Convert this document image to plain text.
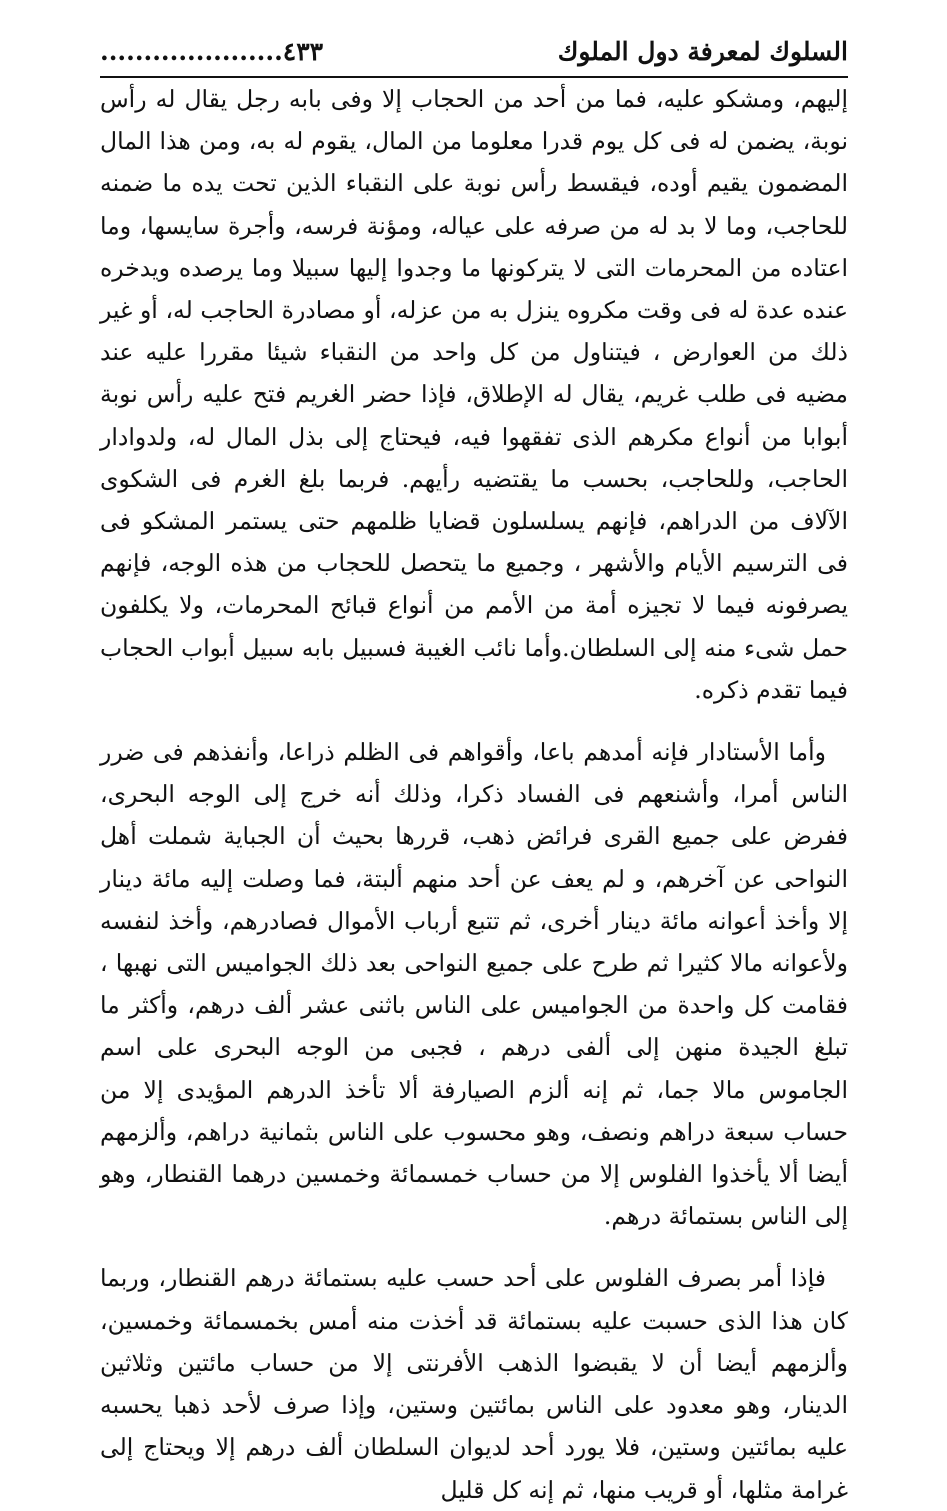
السلوك لمعرفة دول الملوك
٤٣٣.....................

إليهم، ومشكو عليه، فما من أحد من الحجاب إلا وفى بابه رجل يقال له رأس نوبة، يضمن له فى كل يوم قدرا معلوما من المال، يقوم له به، ومن هذا المال المضمون يقيم أوده، فيقسط رأس نوبة على النقباء الذين تحت يده ما ضمنه للحاجب، وما لا بد له من صرفه على عياله، ومؤنة فرسه، وأجرة سايسها، وما اعتاده من المحرمات التى لا يتركونها ما وجدوا إليها سبيلا وما يرصده ويدخره عنده عدة له فى وقت مكروه ينزل به من عزله، أو مصادرة الحاجب له، أو غير ذلك من العوارض ، فيتناول من كل واحد من النقباء شيئا مقررا عليه عند مضيه فى طلب غريم، يقال له الإطلاق، فإذا حضر الغريم فتح عليه رأس نوبة أبوابا من أنواع مكرهم الذى تفقهوا فيه، فيحتاج إلى بذل المال له، ولدوادار الحاجب، وللحاجب، بحسب ما يقتضيه رأيهم. فربما بلغ الغرم فى الشكوى الآلاف من الدراهم، فإنهم يسلسلون قضايا ظلمهم حتى يستمر المشكو فى فى الترسيم الأيام والأشهر ، وجميع ما يتحصل للحجاب من هذه الوجه، فإنهم يصرفونه فيما لا تجيزه أمة من الأمم من أنواع قبائح المحرمات، ولا يكلفون حمل شىء منه إلى السلطان.وأما نائب الغيبة فسبيل بابه سبيل أبواب الحجاب فيما تقدم ذكره.

وأما الأستادار فإنه أمدهم باعا، وأقواهم فى الظلم ذراعا، وأنفذهم فى ضرر الناس أمرا، وأشنعهم فى الفساد ذكرا، وذلك أنه خرج إلى الوجه البحرى، ففرض على جميع القرى فرائض ذهب، قررها بحيث أن الجباية شملت أهل النواحى عن آخرهم، و لم يعف عن أحد منهم ألبتة، فما وصلت إليه مائة دينار إلا وأخذ أعوانه مائة دينار أخرى، ثم تتبع أرباب الأموال فصادرهم، وأخذ لنفسه ولأعوانه مالا كثيرا ثم طرح على جميع النواحى بعد ذلك الجواميس التى نهبها ، فقامت كل واحدة من الجواميس على الناس باثنى عشر ألف درهم، وأكثر ما تبلغ الجيدة منهن إلى ألفى درهم ، فجبى من الوجه البحرى على اسم الجاموس مالا جما، ثم إنه ألزم الصيارفة ألا تأخذ الدرهم المؤيدى إلا من حساب سبعة دراهم ونصف، وهو محسوب على الناس بثمانية دراهم، وألزمهم أيضا ألا يأخذوا الفلوس إلا من حساب خمسمائة وخمسين درهما القنطار، وهو إلى الناس بستمائة درهم.

فإذا أمر بصرف الفلوس على أحد حسب عليه بستمائة درهم القنطار، وربما كان هذا الذى حسبت عليه بستمائة قد أخذت منه أمس بخمسمائة وخمسين، وألزمهم أيضا أن لا يقبضوا الذهب الأفرنتى إلا من حساب مائتين وثلاثين الدينار، وهو معدود على الناس بمائتين وستين، وإذا صرف لأحد ذهبا يحسبه عليه بمائتين وستين، فلا يورد أحد لديوان السلطان ألف درهم إلا ويحتاج إلى غرامة مثلها، أو قريب منها، ثم إنه كل قليل
